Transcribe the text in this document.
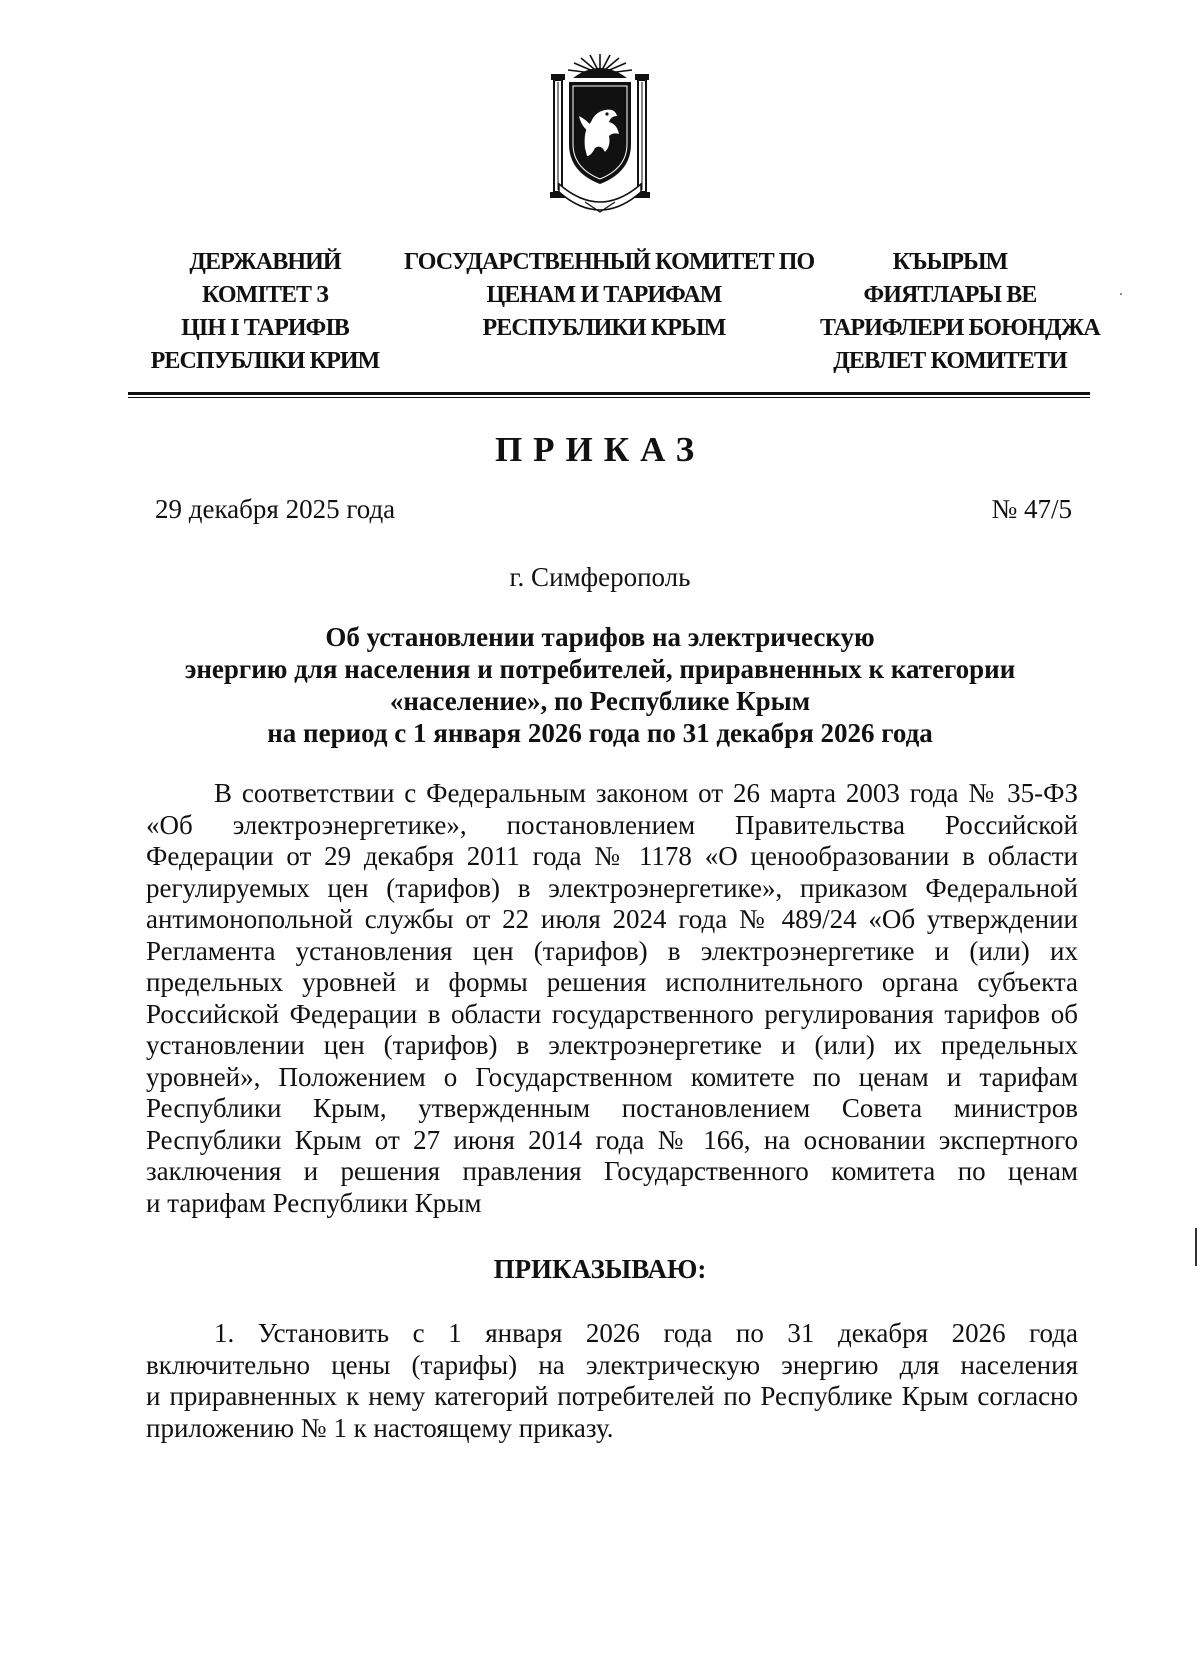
ДЕРЖАВНИЙ
КОМІТЕТ З
ЦІН І ТАРИФІВ
РЕСПУБЛІКИ КРИМ
ГОСУДАРСТВЕННЫЙ КОМИТЕТ ПО
ЦЕНАМ И ТАРИФАМ
РЕСПУБЛИКИ КРЫМ
КЪЫРЫМ
ФИЯТЛАРЫ ВЕ
ТАРИФЛЕРИ БОЮНДЖА
ДЕВЛЕТ КОМИТЕТИ
ПРИКАЗ
29 декабря 2025 года	№ 47/5
г. Симферополь
Об установлении тарифов на электрическую
энергию для населения и потребителей, приравненных к категории
«население», по Республике Крым
на период с 1 января 2026 года по 31 декабря 2026 года
В соответствии с Федеральным законом от 26 марта 2003 года № 35-ФЗ
«Об электроэнергетике», постановлением Правительства Российской
Федерации от 29 декабря 2011 года № 1178 «О ценообразовании в области
регулируемых цен (тарифов) в электроэнергетике», приказом Федеральной
антимонопольной службы от 22 июля 2024 года № 489/24 «Об утверждении
Регламента установления цен (тарифов) в электроэнергетике и (или) их
предельных уровней и формы решения исполнительного органа субъекта
Российской Федерации в области государственного регулирования тарифов об
установлении цен (тарифов) в электроэнергетике и (или) их предельных
уровней», Положением о Государственном комитете по ценам и тарифам
Республики Крым, утвержденным постановлением Совета министров
Республики Крым от 27 июня 2014 года № 166, на основании экспертного
заключения и решения правления Государственного комитета по ценам
и тарифам Республики Крым
ПРИКАЗЫВАЮ:
1. Установить с 1 января 2026 года по 31 декабря 2026 года
включительно цены (тарифы) на электрическую энергию для населения
и приравненных к нему категорий потребителей по Республике Крым согласно
приложению № 1 к настоящему приказу.
